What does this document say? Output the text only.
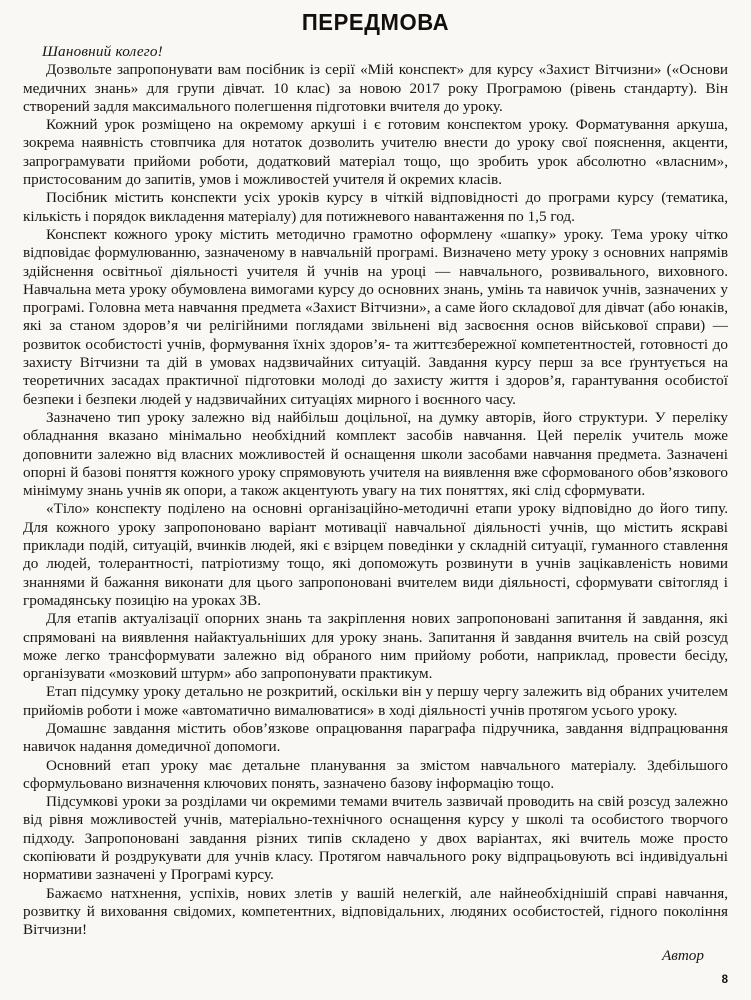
ПЕРЕДМОВА
Шановний колего!

Дозвольте запропонувати вам посібник із серії «Мій конспект» для курсу «Захист Вітчизни» («Основи медичних знань» для групи дівчат. 10 клас) за новою 2017 року Програмою (рівень стандарту). Він створений задля максимального полегшення підготовки вчителя до уроку.

Кожний урок розміщено на окремому аркуші і є готовим конспектом уроку. Форматування аркуша, зокрема наявність стовпчика для нотаток дозволить учителю внести до уроку свої пояснення, акценти, запрограмувати прийоми роботи, додатковий матеріал тощо, що зробить урок абсолютно «власним», пристосованим до запитів, умов і можливостей учителя й окремих класів.

Посібник містить конспекти усіх уроків курсу в чіткій відповідності до програми курсу (тематика, кількість і порядок викладення матеріалу) для потижневого навантаження по 1,5 год.

Конспект кожного уроку містить методично грамотно оформлену «шапку» уроку. Тема уроку чітко відповідає формулюванню, зазначеному в навчальній програмі. Визначено мету уроку з основних напрямів здійснення освітньої діяльності учителя й учнів на уроці — навчального, розвивального, виховного. Навчальна мета уроку обумовлена вимогами курсу до основних знань, умінь та навичок учнів, зазначених у програмі. Головна мета навчання предмета «Захист Вітчизни», а саме його складової для дівчат (або юнаків, які за станом здоров’я чи релігійними поглядами звільнені від засвоєння основ військової справи) — розвиток особистості учнів, формування їхніх здоров’я- та життєзбережної компетентностей, готовності до захисту Вітчизни та дій в умовах надзвичайних ситуацій. Завдання курсу перш за все ґрунтується на теоретичних засадах практичної підготовки молоді до захисту життя і здоров’я, гарантування особистої безпеки і безпеки людей у надзвичайних ситуаціях мирного і воєнного часу.

Зазначено тип уроку залежно від найбільш доцільної, на думку авторів, його структури. У переліку обладнання вказано мінімально необхідний комплект засобів навчання. Цей перелік учитель може доповнити залежно від власних можливостей й оснащення школи засобами навчання предмета. Зазначені опорні й базові поняття кожного уроку спрямовують учителя на виявлення вже сформованого обов’язкового мінімуму знань учнів як опори, а також акцентують увагу на тих поняттях, які слід сформувати.

«Тіло» конспекту поділено на основні організаційно-методичні етапи уроку відповідно до його типу. Для кожного уроку запропоновано варіант мотивації навчальної діяльності учнів, що містить яскраві приклади подій, ситуацій, вчинків людей, які є взірцем поведінки у складній ситуації, гуманного ставлення до людей, толерантності, патріотизму тощо, які допоможуть розвинути в учнів зацікавленість новими знаннями й бажання виконати для цього запропоновані вчителем види діяльності, сформувати світогляд і громадянську позицію на уроках ЗВ.

Для етапів актуалізації опорних знань та закріплення нових запропоновані запитання й завдання, які спрямовані на виявлення найактуальніших для уроку знань. Запитання й завдання вчитель на свій розсуд може легко трансформувати залежно від обраного ним прийому роботи, наприклад, провести бесіду, організувати «мозковий штурм» або запропонувати практикум.

Етап підсумку уроку детально не розкритий, оскільки він у першу чергу залежить від обраних учителем прийомів роботи і може «автоматично вималюватися» в ході діяльності учнів протягом усього уроку.

Домашнє завдання містить обов’язкове опрацювання параграфа підручника, завдання відпрацювання навичок надання домедичної допомоги.

Основний етап уроку має детальне планування за змістом навчального матеріалу. Здебільшого сформульовано визначення ключових понять, зазначено базову інформацію тощо.

Підсумкові уроки за розділами чи окремими темами вчитель зазвичай проводить на свій розсуд залежно від рівня можливостей учнів, матеріально-технічного оснащення курсу у школі та особистого творчого підходу. Запропоновані завдання різних типів складено у двох варіантах, які вчитель може просто скопіювати й роздрукувати для учнів класу. Протягом навчального року відпрацьовують всі індивідуальні нормативи зазначені у Програмі курсу.

Бажаємо натхнення, успіхів, нових злетів у вашій нелегкій, але найнеобхіднішій справі навчання, розвитку й виховання свідомих, компетентних, відповідальних, людяних особистостей, гідного покоління Вітчизни!

Автор
8
